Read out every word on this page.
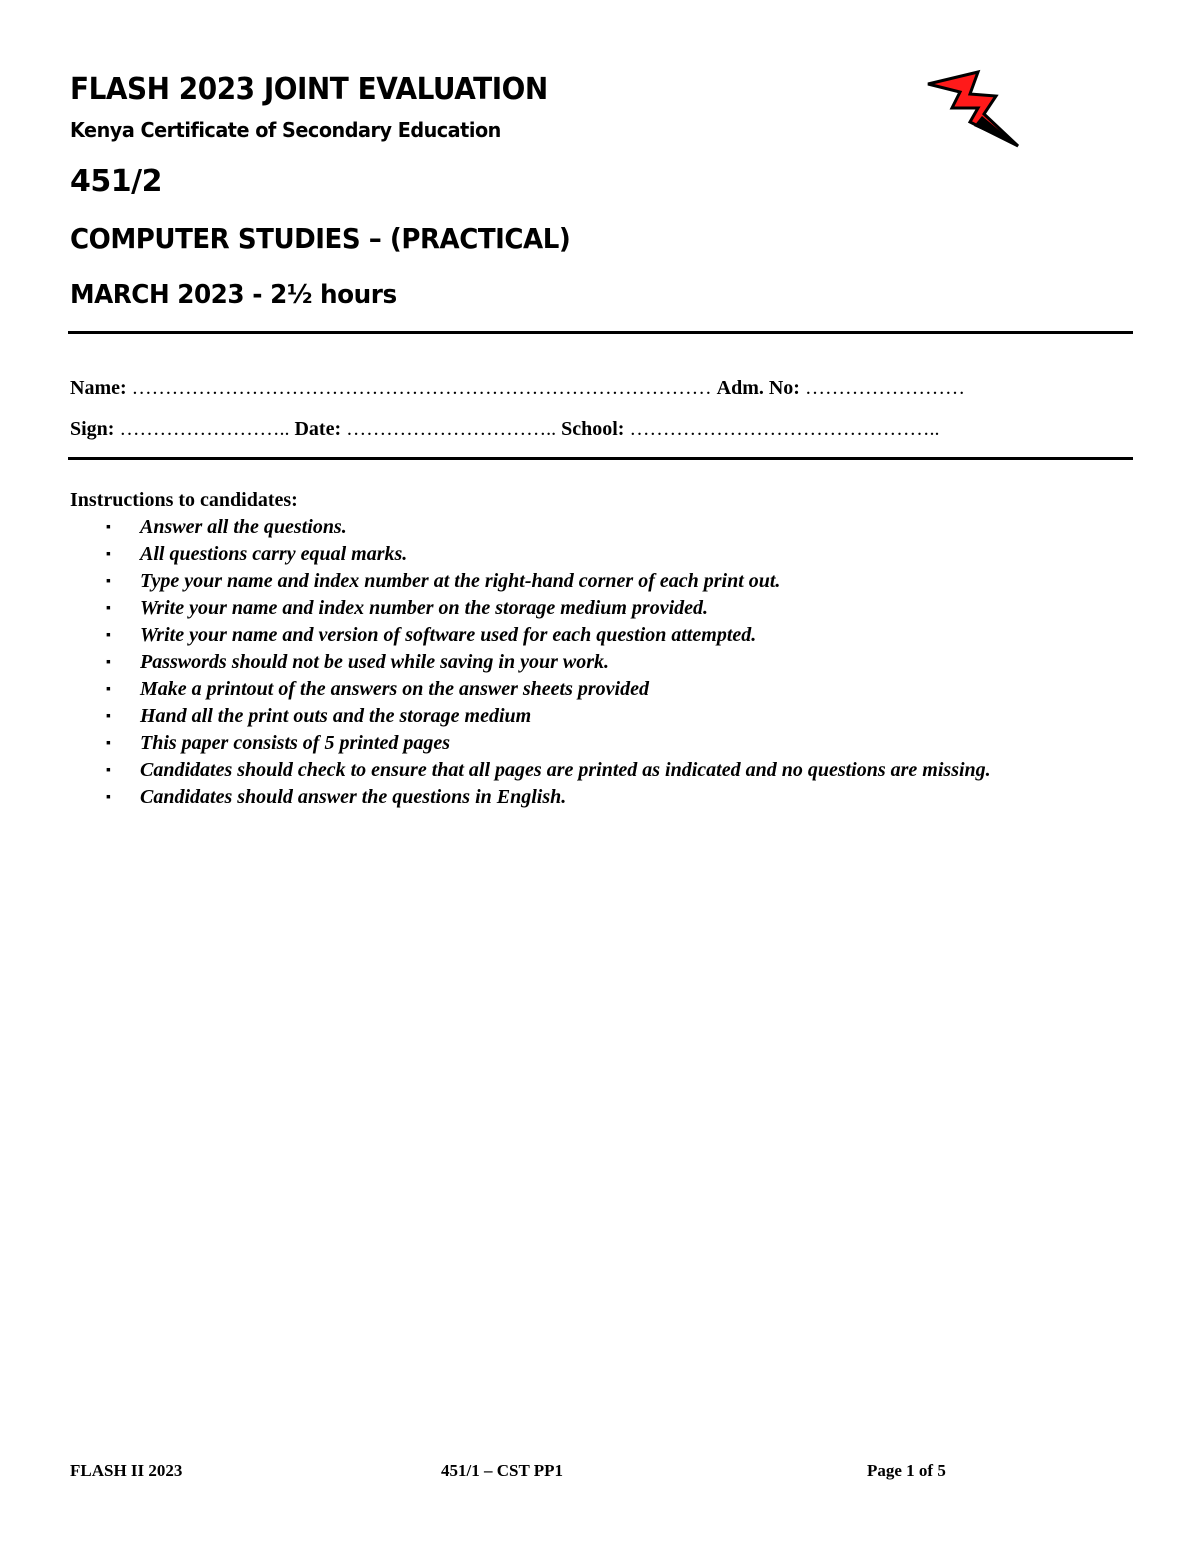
FLASH 2023 JOINT EVALUATION
Kenya Certificate of Secondary Education
451/2
COMPUTER STUDIES – (PRACTICAL)
MARCH 2023 - 2½ hours
Name: …………………………………………………………………………… Adm. No: ……………………
Sign: …………………….. Date: ………………………….. School: ………………………………………..
Instructions to candidates:
▪ Answer all the questions.
▪ All questions carry equal marks.
▪ Type your name and index number at the right-hand corner of each print out.
▪ Write your name and index number on the storage medium provided.
▪ Write your name and version of software used for each question attempted.
▪ Passwords should not be used while saving in your work.
▪ Make a printout of the answers on the answer sheets provided
▪ Hand all the print outs and the storage medium
▪ This paper consists of 5 printed pages
▪ Candidates should check to ensure that all pages are printed as indicated and no questions are missing.
▪ Candidates should answer the questions in English.
FLASH II 2023	451/1 – CST PP1	Page 1 of 5
